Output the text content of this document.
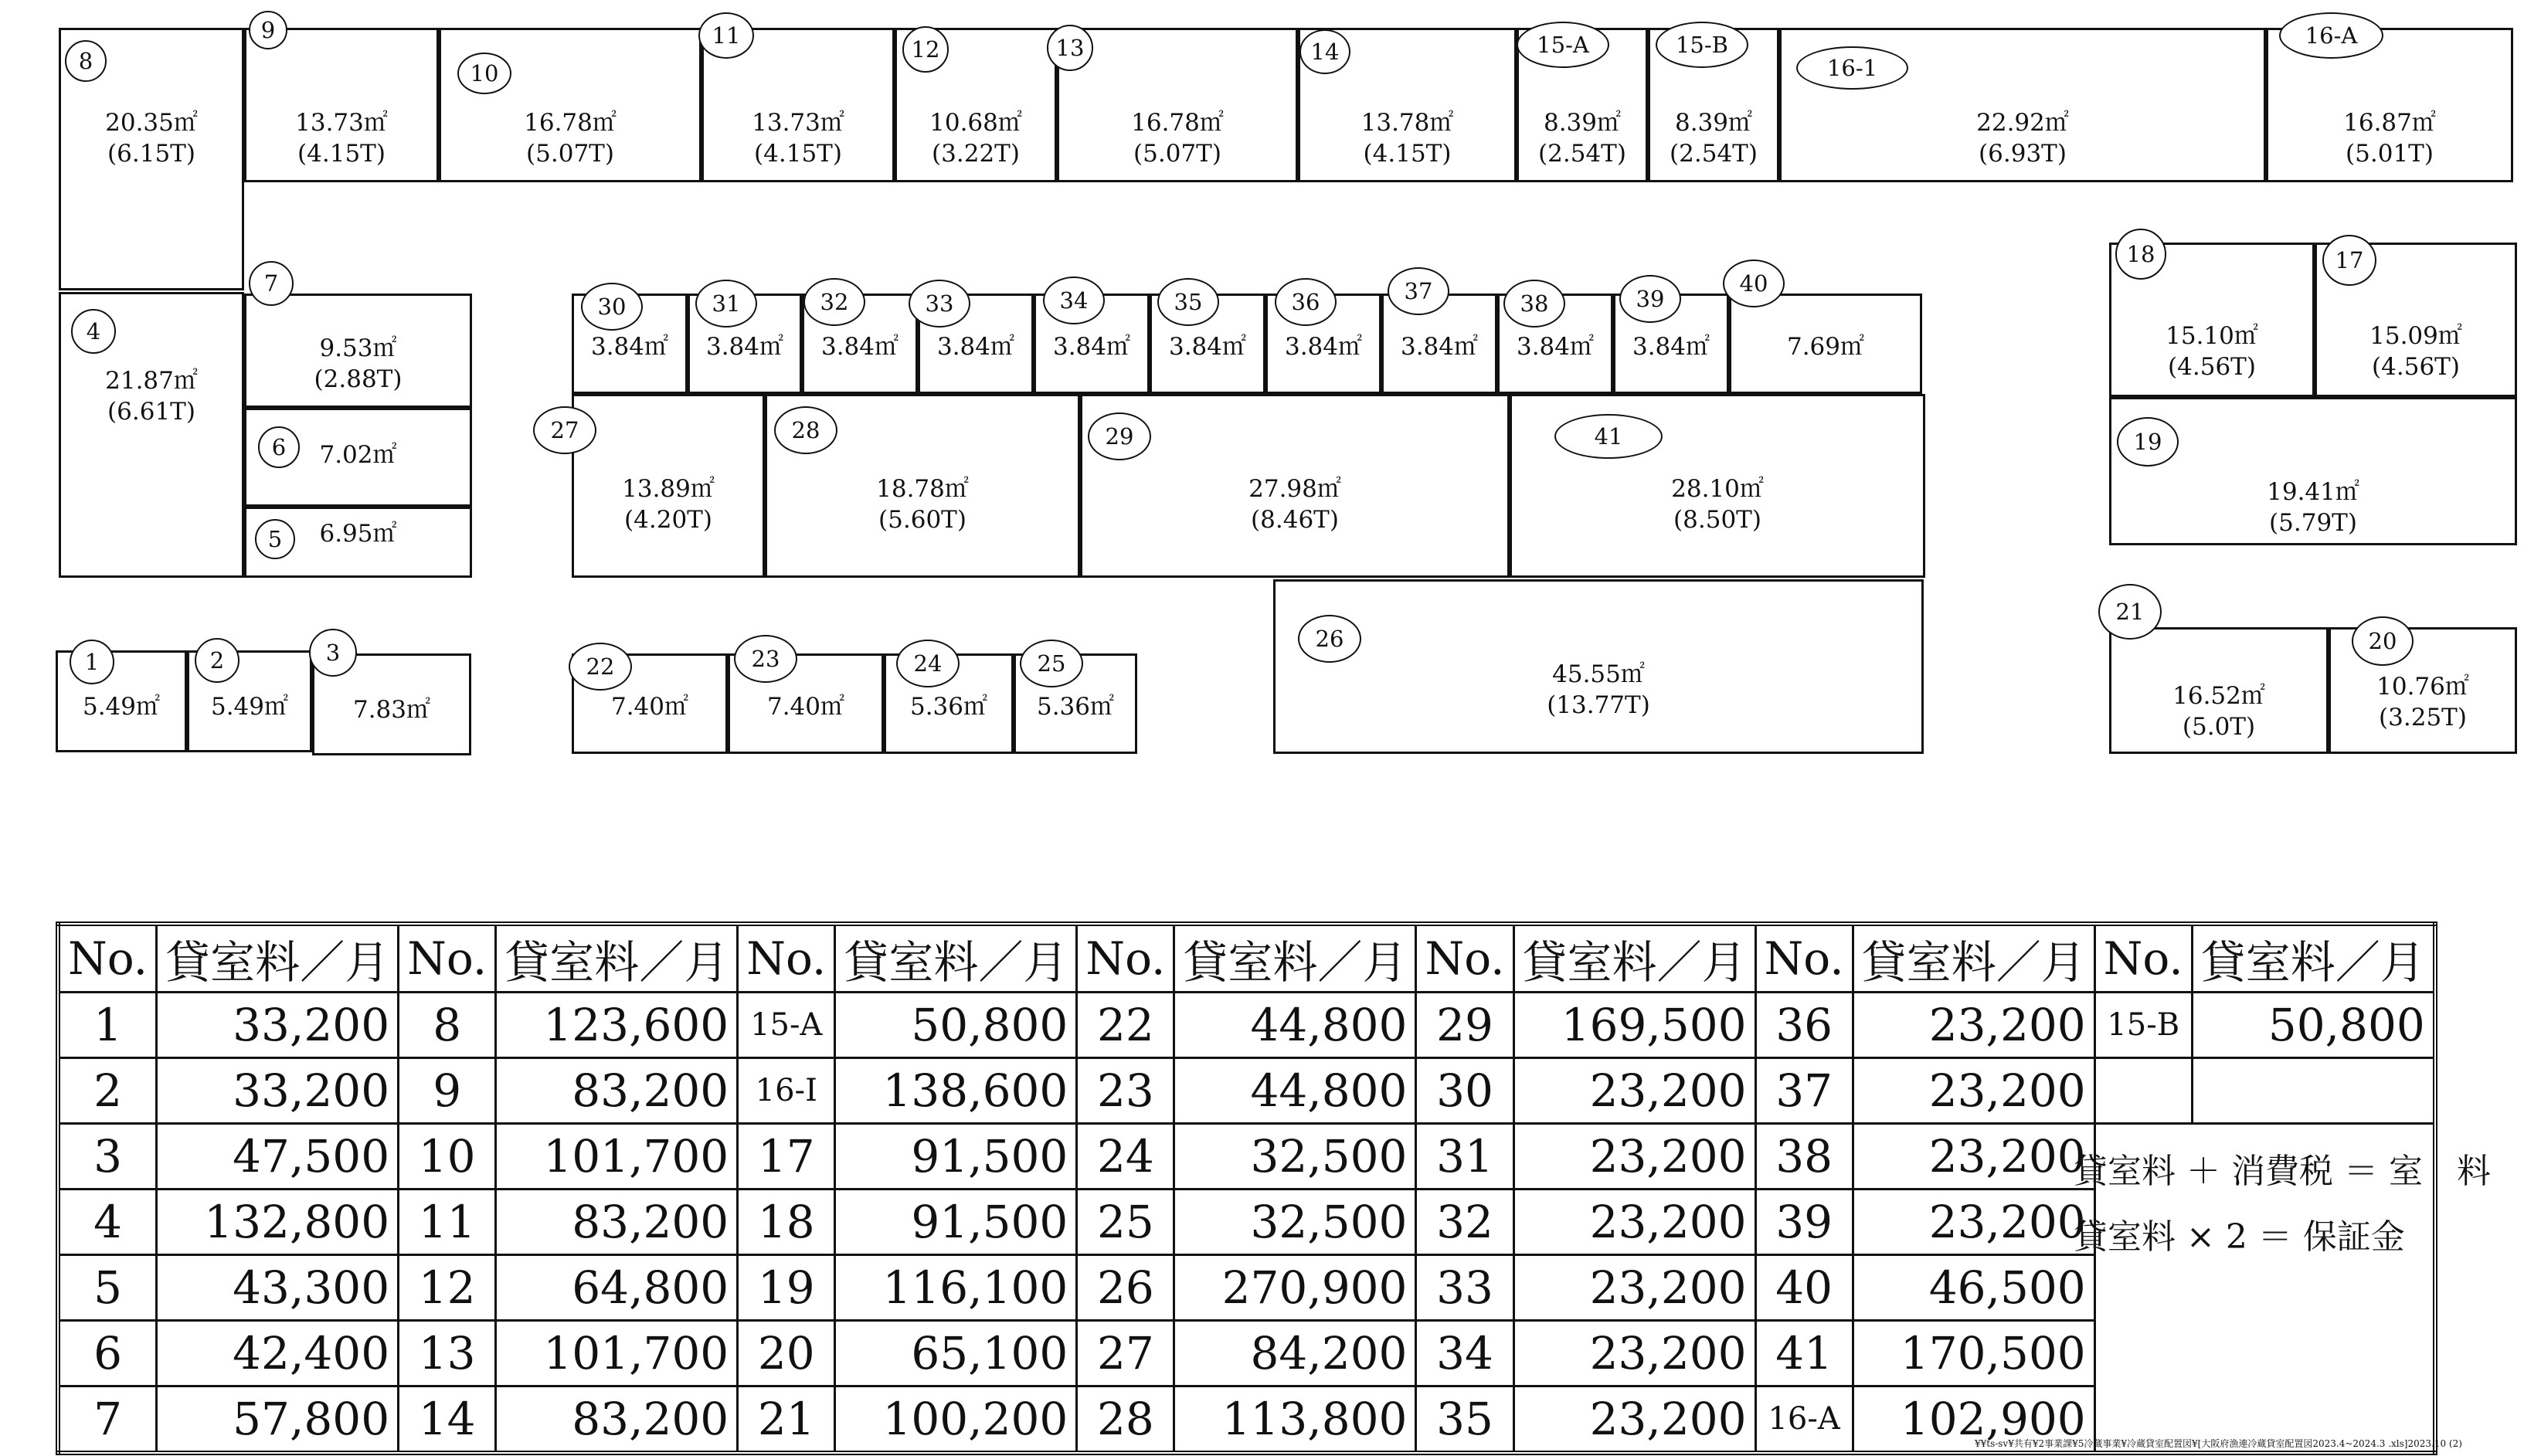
20.35㎡
(6.15T)
8
13.73㎡
(4.15T)
9
16.78㎡
(5.07T)
10
13.73㎡
(4.15T)
11
10.68㎡
(3.22T)
12
16.78㎡
(5.07T)
13
13.78㎡
(4.15T)
14
8.39㎡
(2.54T)
15-A
8.39㎡
(2.54T)
15-B
22.92㎡
(6.93T)
16-1
16.87㎡
(5.01T)
16-A
21.87㎡
(6.61T)
4
9.53㎡
(2.88T)
7
7.02㎡
6
6.95㎡
5
5.49㎡
1
5.49㎡
2
7.83㎡
3
3.84㎡
30
3.84㎡
31
3.84㎡
32
3.84㎡
33
3.84㎡
34
3.84㎡
35
3.84㎡
36
3.84㎡
37
3.84㎡
38
3.84㎡
39
7.69㎡
40
13.89㎡
(4.20T)
27
18.78㎡
(5.60T)
28
27.98㎡
(8.46T)
29
28.10㎡
(8.50T)
41
45.55㎡
(13.77T)
26
7.40㎡
22
7.40㎡
23
5.36㎡
24
5.36㎡
25
15.10㎡
(4.56T)
18
15.09㎡
(4.56T)
17
19.41㎡
(5.79T)
19
16.52㎡
(5.0T)
21
10.76㎡
(3.25T)
20
No.	貸室料／月	No.	貸室料／月	No.	貸室料／月	No.	貸室料／月	No.	貸室料／月	No.	貸室料／月	No.	貸室料／月
1	33,200	8	123,600	15-A	50,800	22	44,800	29	169,500	36	23,200	15-B	50,800
2	33,200	9	83,200	16-I	138,600	23	44,800	30	23,200	37	23,200		
3	47,500	10	101,700	17	91,500	24	32,500	31	23,200	38	23,200		
4	132,800	11	83,200	18	91,500	25	32,500	32	23,200	39	23,200		
5	43,300	12	64,800	19	116,100	26	270,900	33	23,200	40	46,500		
6	42,400	13	101,700	20	65,100	27	84,200	34	23,200	41	170,500		
7	57,800	14	83,200	21	100,200	28	113,800	35	23,200	16-A	102,900		
貸室料 ＋ 消費税 ＝ 室　料
貸室料 × 2 ＝ 保証金
¥¥ts-sv¥共有¥2事業課¥5冷蔵事業¥冷蔵貸室配置図¥[大阪府漁連冷蔵貸室配置図2023.4~2024.3 .xls]2023.10 (2)
